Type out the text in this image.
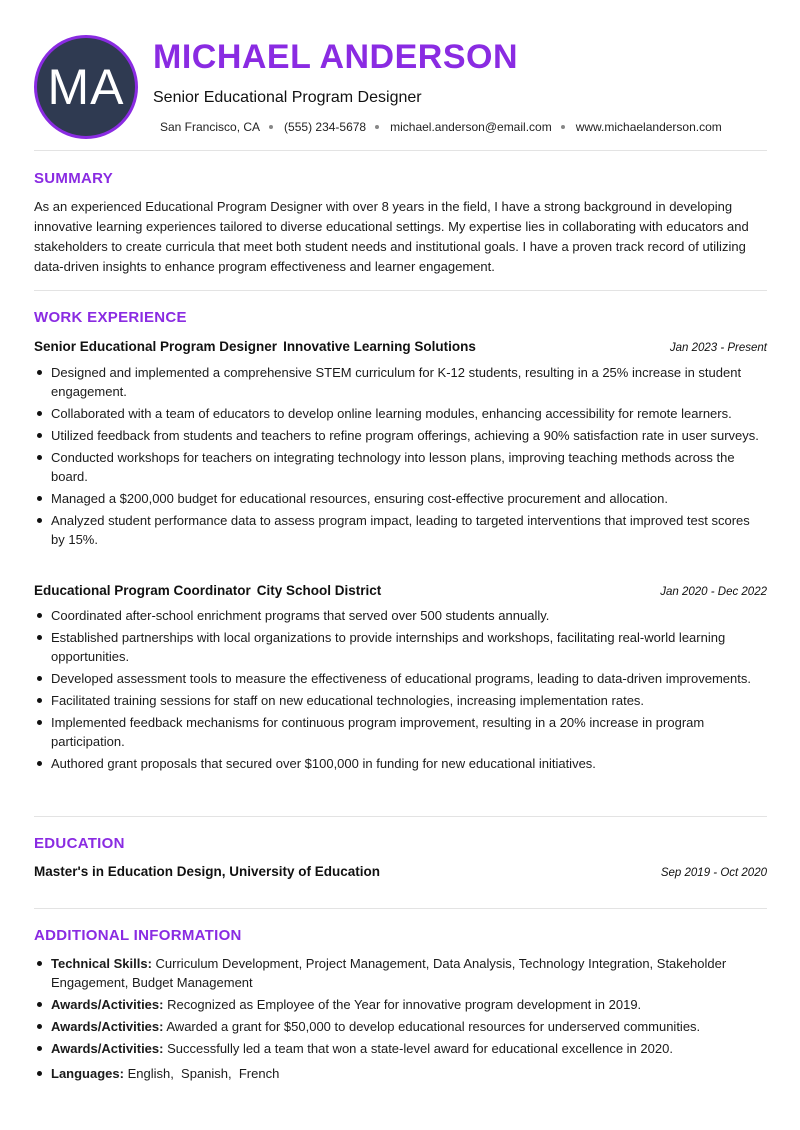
MA
MICHAEL ANDERSON
Senior Educational Program Designer
San Francisco, CA (555) 234-5678 michael.anderson@email.com www.michaelanderson.com
SUMMARY

As an experienced Educational Program Designer with over 8 years in the field, I have a strong background in developing innovative learning experiences tailored to diverse educational settings. My expertise lies in collaborating with educators and stakeholders to create curricula that meet both student needs and institutional goals. I have a proven track record of utilizing data-driven insights to enhance program effectiveness and learner engagement.

WORK EXPERIENCE
Senior Educational Program Designer Innovative Learning Solutions	Jan 2023 - Present
Designed and implemented a comprehensive STEM curriculum for K-12 students, resulting in a 25% increase in student engagement.
Collaborated with a team of educators to develop online learning modules, enhancing accessibility for remote learners.
Utilized feedback from students and teachers to refine program offerings, achieving a 90% satisfaction rate in user surveys.
Conducted workshops for teachers on integrating technology into lesson plans, improving teaching methods across the board.
Managed a $200,000 budget for educational resources, ensuring cost-effective procurement and allocation.
Analyzed student performance data to assess program impact, leading to targeted interventions that improved test scores by 15%.
Educational Program Coordinator City School District	Jan 2020 - Dec 2022
Coordinated after-school enrichment programs that served over 500 students annually.
Established partnerships with local organizations to provide internships and workshops, facilitating real-world learning opportunities.
Developed assessment tools to measure the effectiveness of educational programs, leading to data-driven improvements.
Facilitated training sessions for staff on new educational technologies, increasing implementation rates.
Implemented feedback mechanisms for continuous program improvement, resulting in a 20% increase in program participation.
Authored grant proposals that secured over $100,000 in funding for new educational initiatives.
EDUCATION
Master's in Education Design, University of Education	Sep 2019 - Oct 2020
ADDITIONAL INFORMATION
Technical Skills: Curriculum Development, Project Management, Data Analysis, Technology Integration, Stakeholder Engagement, Budget Management
Awards/Activities: Recognized as Employee of the Year for innovative program development in 2019.
Awards/Activities: Awarded a grant for $50,000 to develop educational resources for underserved communities.
Awards/Activities: Successfully led a team that won a state-level award for educational excellence in 2020.
Languages: English,  Spanish,  French
